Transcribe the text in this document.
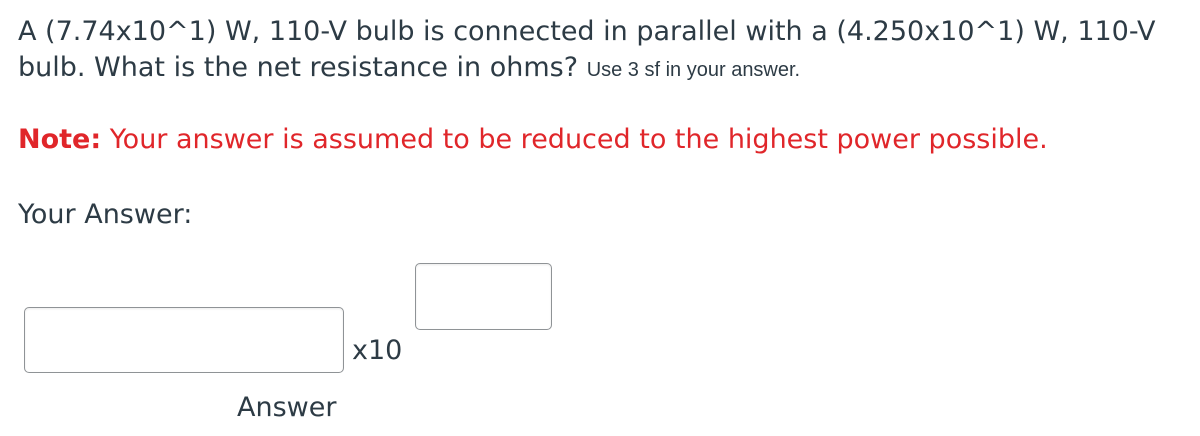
A (7.74x10^1) W, 110-V bulb is connected in parallel with a (4.250x10^1) W, 110-V bulb. What is the net resistance in ohms? Use 3 sf in your answer.
Note: Your answer is assumed to be reduced to the highest power possible.
Your Answer:
x10
Answer
